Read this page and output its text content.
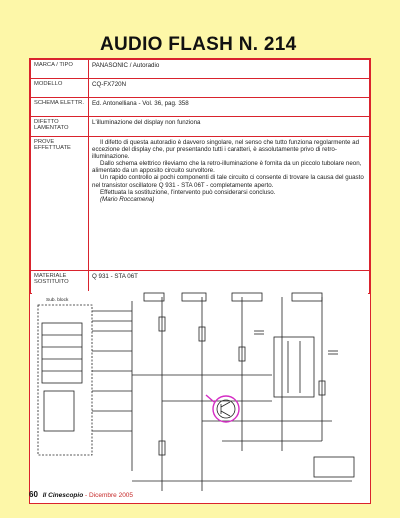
AUDIO FLASH N. 214
MARCA / TIPO	PANASONIC / Autoradio
MODELLO	CQ-FX720N
SCHEMA ELETTR.	Ed. Antonelliana - Vol. 36, pag. 358
DIFETTO LAMENTATO	L'illuminazione del display non funziona
PROVE EFFETTUATE	Il difetto di questa autoradio è davvero singolare, nel senso che tutto funziona regolarmente ad eccezione del display che, pur presentando tutti i caratteri, è assolutamente privo di retro-illuminazione.

Dallo schema elettrico rileviamo che la retro-illuminazione è fornita da un piccolo tubolare neon, alimentato da un apposito circuito survoltore.

Un rapido controllo ai pochi componenti di tale circuito ci consente di trovare la causa del guasto nel transistor oscillatore Q 931 - STA 06T - completamente aperto.

Effettuata la sostituzione, l'intervento può considerarsi concluso.

(Mario Roccamena)

MATERIALE SOSTITUITO	Q 931 - STA 06T
Sub. block
60 Il Cinescopio - Dicembre 2005
